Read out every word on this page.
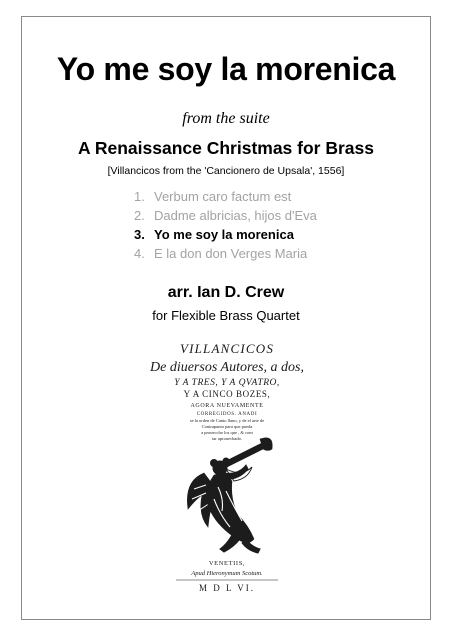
Yo me soy la morenica
from the suite
A Renaissance Christmas for Brass
[Villancicos from the 'Cancionero de Upsala', 1556]
1. Verbum caro factum est
2. Dadme albricias, hijos d'Eva
3. Yo me soy la morenica
4. E la don don Verges Maria
arr. Ian D. Crew
for Flexible Brass Quartet
VILLANCICOS
De diuersos Autores, a dos,
Y A TRES, Y A QVATRO,
Y A CINCO BOZES,
AGORA NUEVAMENTE
CORREGIDOS. ANADI
se la orden de Canto llano, y de el arte de
Contrapunto para que pueda
a proueccho los que , & com
tar aprouechado.
VENETIIS,
Apud Hieronymum Scotum.
M D L VI.
